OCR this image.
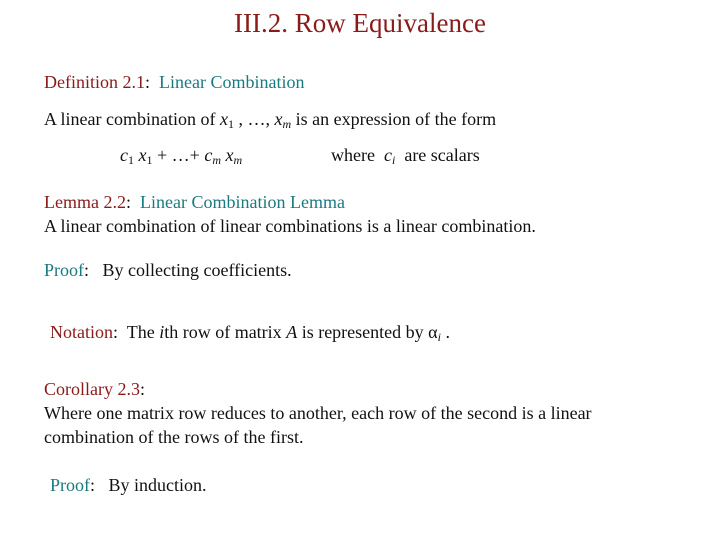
III.2. Row Equivalence
Definition 2.1: Linear Combination
A linear combination of $x_1$ , …, $x_m$ is an expression of the form
$c_1$ $x_1$ + …+ $c_m$ $x_m$	where $c_i$ are scalars
Lemma 2.2: Linear Combination Lemma
A linear combination of linear combinations is a linear combination.
Proof: By collecting coefficients.
Notation: The ith row of matrix A is represented by $\alpha_i$ .
Corollary 2.3:
Where one matrix row reduces to another, each row of the second is a linear
combination of the rows of the first.
Proof: By induction.
